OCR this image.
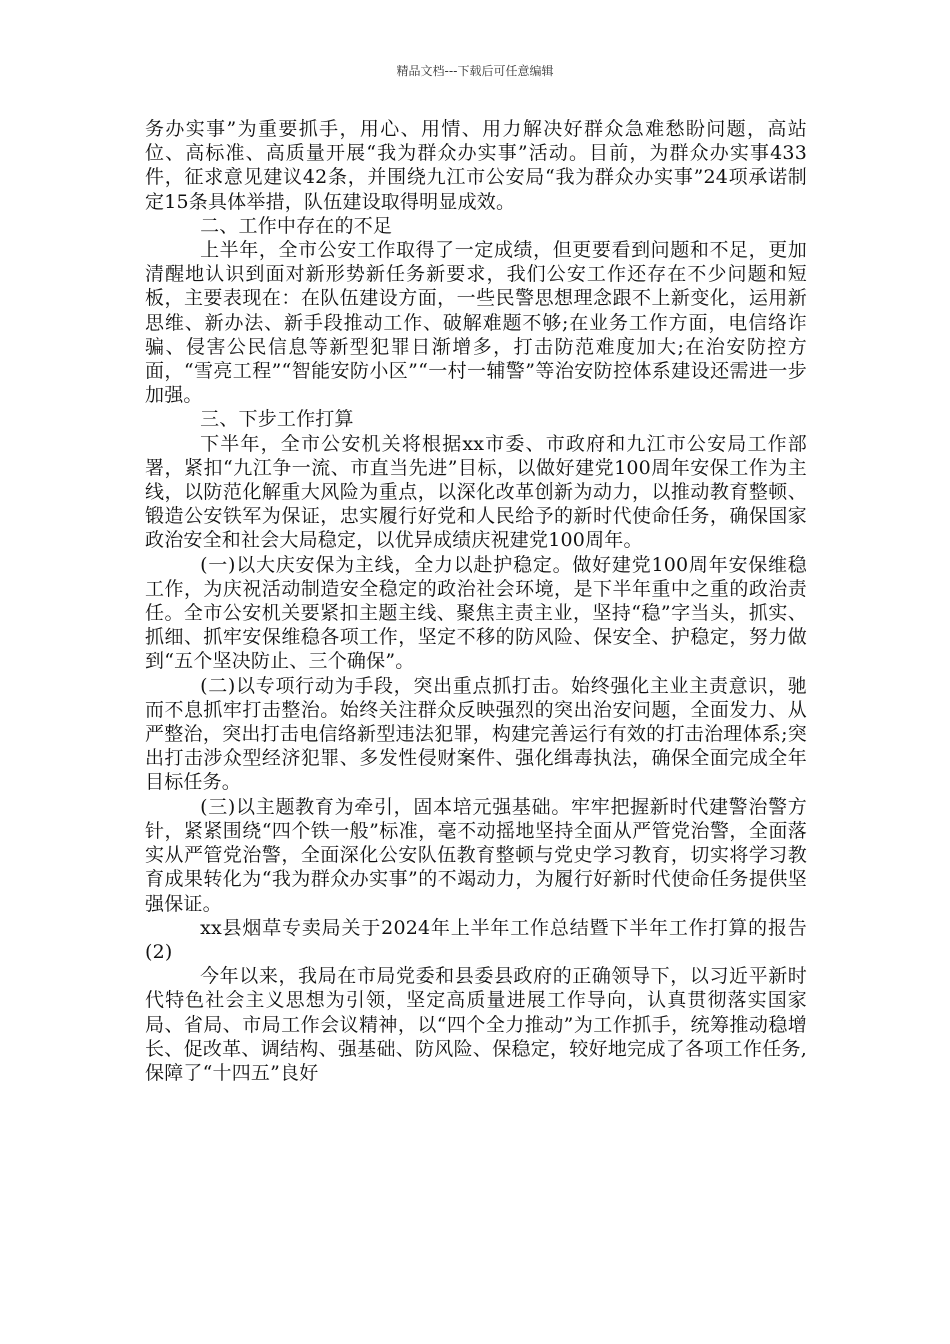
精品文档---下载后可任意编辑

务办实事”为重要抓手，用心、用情、用力解决好群众急难愁盼问题，高站位、高标准、高质量开展“我为群众办实事”活动。目前，为群众办实事433件，征求意见建议42条，并围绕九江市公安局“我为群众办实事”24项承诺制定15条具体举措，队伍建设取得明显成效。

二、工作中存在的不足

上半年，全市公安工作取得了一定成绩，但更要看到问题和不足，更加清醒地认识到面对新形势新任务新要求，我们公安工作还存在不少问题和短板，主要表现在：在队伍建设方面，一些民警思想理念跟不上新变化，运用新思维、新办法、新手段推动工作、破解难题不够;在业务工作方面，电信络诈骗、侵害公民信息等新型犯罪日渐增多，打击防范难度加大;在治安防控方面，“雪亮工程”“智能安防小区”“一村一辅警”等治安防控体系建设还需进一步加强。

三、下步工作打算

下半年，全市公安机关将根据xx市委、市政府和九江市公安局工作部署，紧扣“九江争一流、市直当先进”目标，以做好建党100周年安保工作为主线，以防范化解重大风险为重点，以深化改革创新为动力，以推动教育整顿、锻造公安铁军为保证，忠实履行好党和人民给予的新时代使命任务，确保国家政治安全和社会大局稳定，以优异成绩庆祝建党100周年。

(一)以大庆安保为主线，全力以赴护稳定。做好建党100周年安保维稳工作，为庆祝活动制造安全稳定的政治社会环境，是下半年重中之重的政治责任。全市公安机关要紧扣主题主线、聚焦主责主业，坚持“稳”字当头，抓实、抓细、抓牢安保维稳各项工作，坚定不移的防风险、保安全、护稳定，努力做到“五个坚决防止、三个确保”。

(二)以专项行动为手段，突出重点抓打击。始终强化主业主责意识，驰而不息抓牢打击整治。始终关注群众反映强烈的突出治安问题，全面发力、从严整治，突出打击电信络新型违法犯罪，构建完善运行有效的打击治理体系;突出打击涉众型经济犯罪、多发性侵财案件、强化缉毒执法，确保全面完成全年目标任务。

(三)以主题教育为牵引，固本培元强基础。牢牢把握新时代建警治警方针，紧紧围绕“四个铁一般”标准，毫不动摇地坚持全面从严管党治警，全面落实从严管党治警，全面深化公安队伍教育整顿与党史学习教育，切实将学习教育成果转化为“我为群众办实事”的不竭动力，为履行好新时代使命任务提供坚强保证。

xx县烟草专卖局关于2024年上半年工作总结暨下半年工作打算的报告(2)

今年以来，我局在市局党委和县委县政府的正确领导下，以习近平新时代特色社会主义思想为引领，坚定高质量进展工作导向，认真贯彻落实国家局、省局、市局工作会议精神，以“四个全力推动”为工作抓手，统筹推动稳增长、促改革、调结构、强基础、防风险、保稳定，较好地完成了各项工作任务,保障了“十四五”良好
